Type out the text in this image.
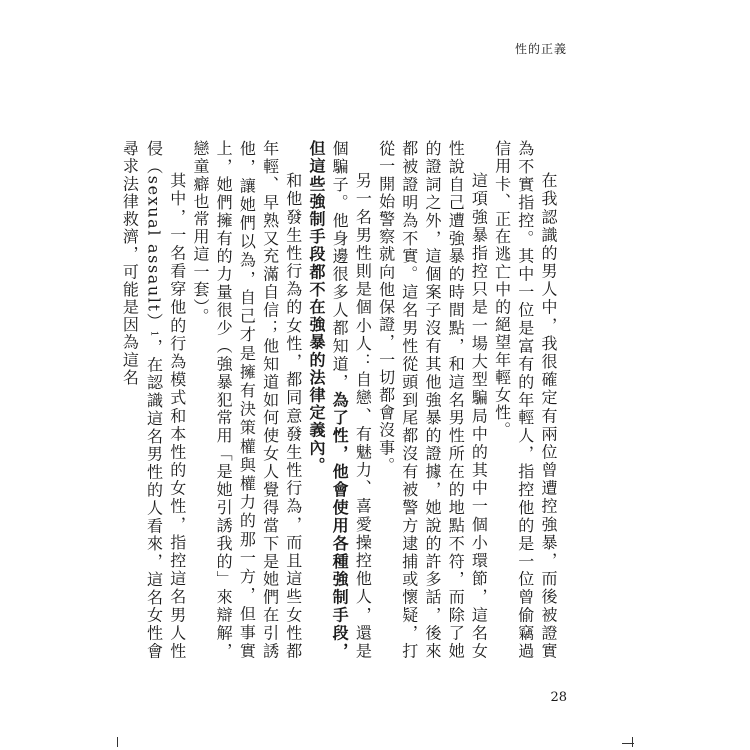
性的正義

在我認識的男人中，我很確定有兩位曾遭控強暴，而後被證實為不實指控。其中一位是富有的年輕人，指控他的是一位曾偷竊過信用卡、正在逃亡中的絕望年輕女性。

這項強暴指控只是一場大型騙局中的其中一個小環節，這名女性說自己遭強暴的時間點，和這名男性所在的地點不符，而除了她的證詞之外，這個案子沒有其他強暴的證據，她說的許多話，後來都被證明為不實。這名男性從頭到尾都沒有被警方逮捕或懷疑，打從一開始警察就向他保證，一切都會沒事。

另一名男性則是個小人：自戀、有魅力、喜愛操控他人，還是個騙子。他身邊很多人都知道，為了性，他會使用各種強制手段，但這些強制手段都不在強暴的法律定義內。

和他發生性行為的女性，都同意發生性行為，而且這些女性都年輕、早熟又充滿自信；他知道如何使女人覺得當下是她們在引誘他，讓她們以為，自己才是擁有決策權與權力的那一方，但事實上，她們擁有的力量很少（強暴犯常用「是她引誘我的」來辯解，戀童癖也常用這一套）。

其中，一名看穿他的行為模式和本性的女性，指控這名男人性侵（sexual assault）1，在認識這名男性的人看來，這名女性會尋求法律救濟，可能是因為這名

28
